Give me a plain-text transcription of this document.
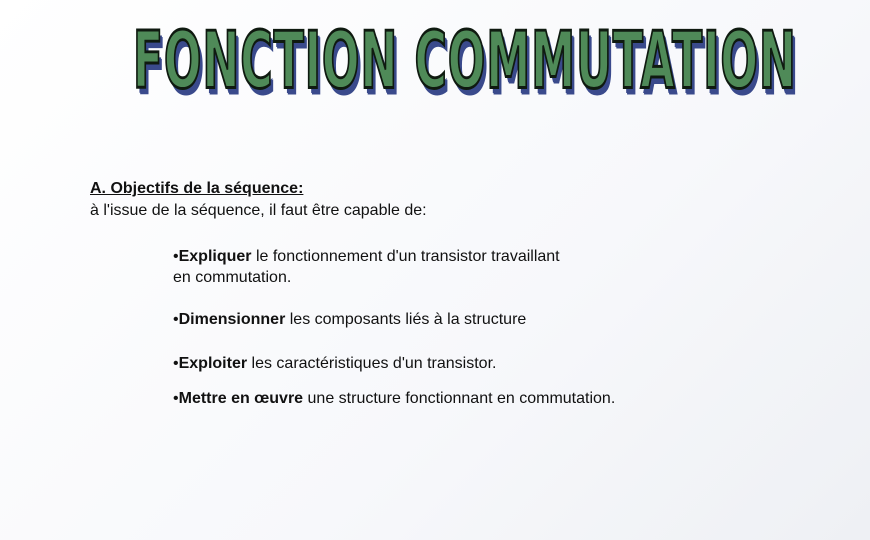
FONCTION COMMUTATION
A. Objectifs de la séquence:
à l'issue de la séquence, il faut être capable de:
•Expliquer le fonctionnement d'un transistor travaillant
en commutation.
•Dimensionner les composants liés à la structure
•Exploiter les caractéristiques d'un transistor.
•Mettre en œuvre une structure fonctionnant en commutation.
